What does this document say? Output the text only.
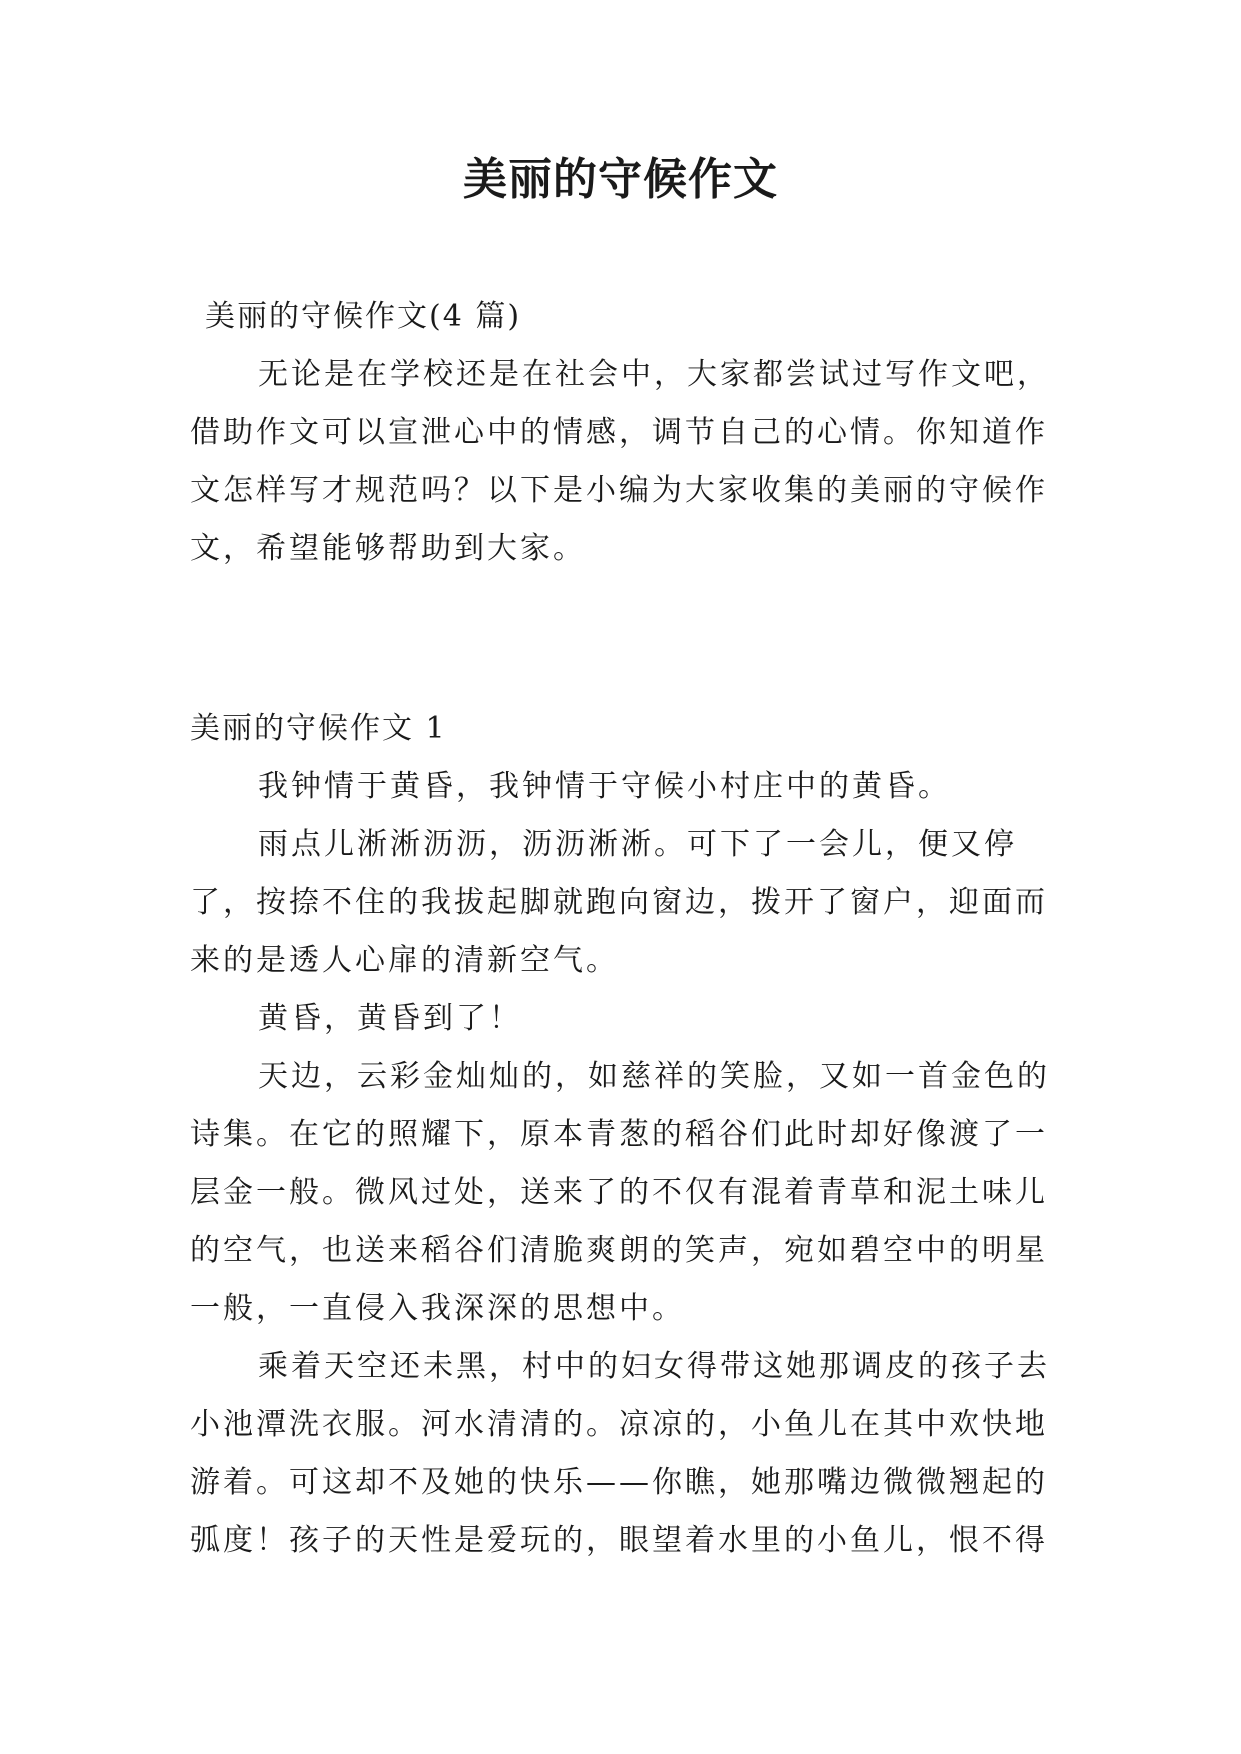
美丽的守候作文
美丽的守候作文(4 篇)

无论是在学校还是在社会中，大家都尝试过写作文吧，借助作文可以宣泄心中的情感，调节自己的心情。你知道作文怎样写才规范吗？以下是小编为大家收集的美丽的守候作文，希望能够帮助到大家。

美丽的守候作文 1

我钟情于黄昏，我钟情于守候小村庄中的黄昏。

雨点儿淅淅沥沥，沥沥淅淅。可下了一会儿，便又停了，按捺不住的我拔起脚就跑向窗边，拨开了窗户，迎面而来的是透人心扉的清新空气。

黄昏，黄昏到了！

天边，云彩金灿灿的，如慈祥的笑脸，又如一首金色的诗集。在它的照耀下，原本青葱的稻谷们此时却好像渡了一层金一般。微风过处，送来了的不仅有混着青草和泥土味儿的空气，也送来稻谷们清脆爽朗的笑声，宛如碧空中的明星一般，一直侵入我深深的思想中。

乘着天空还未黑，村中的妇女得带这她那调皮的孩子去小池潭洗衣服。河水清清的。凉凉的，小鱼儿在其中欢快地游着。可这却不及她的快乐——你瞧，她那嘴边微微翘起的弧度！孩子的天性是爱玩的，眼望着水里的小鱼儿，恨不得
